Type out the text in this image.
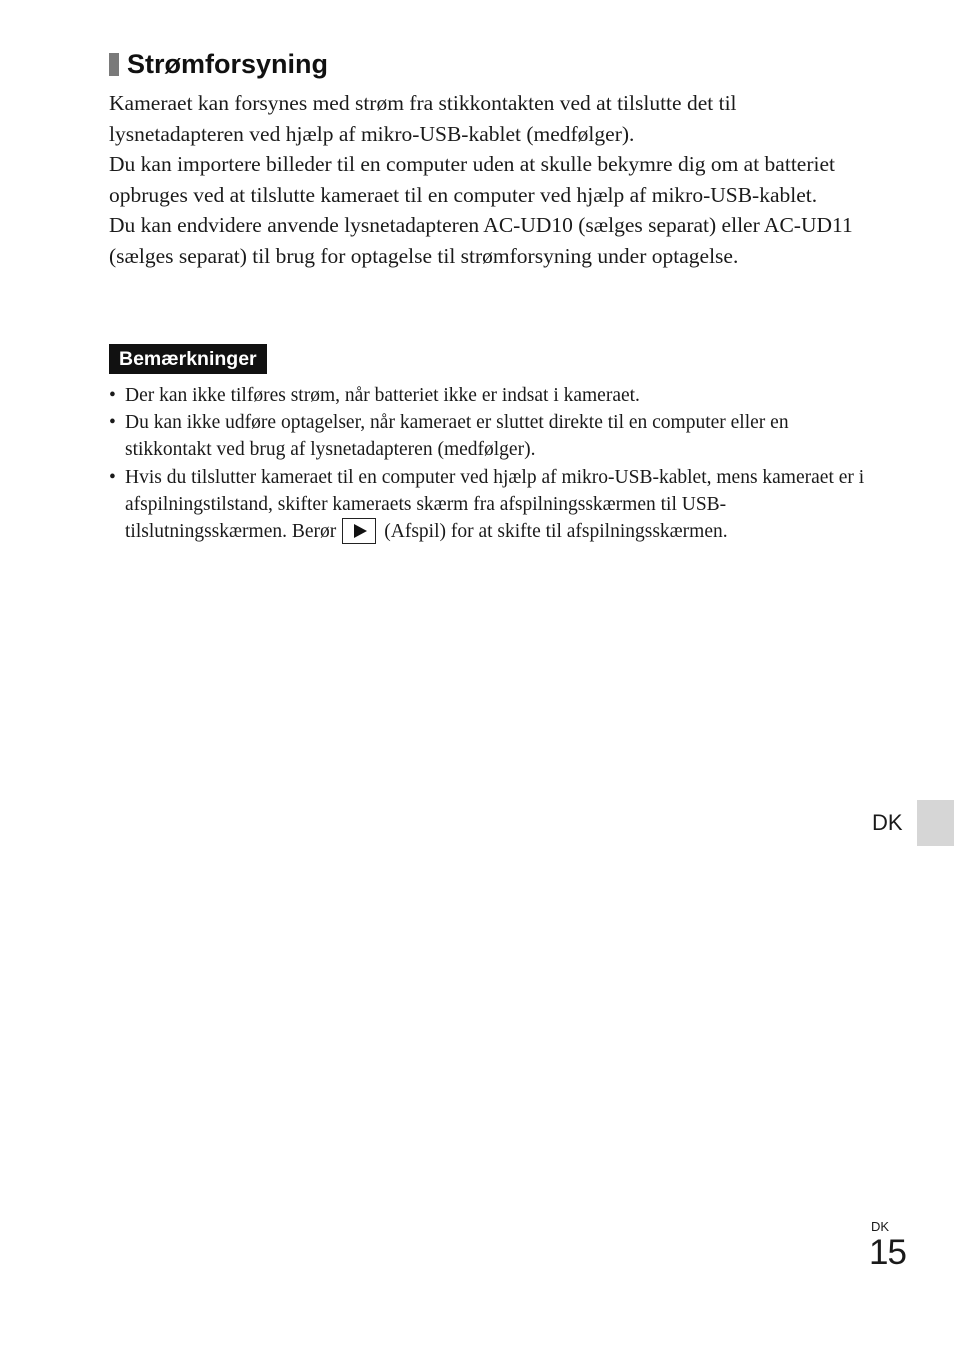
Strømforsyning

Kameraet kan forsynes med strøm fra stikkontakten ved at tilslutte det til lysnetadapteren ved hjælp af mikro-USB-kablet (medfølger).

Du kan importere billeder til en computer uden at skulle bekymre dig om at batteriet opbruges ved at tilslutte kameraet til en computer ved hjælp af mikro-USB-kablet.

Du kan endvidere anvende lysnetadapteren AC-UD10 (sælges separat) eller AC-UD11 (sælges separat) til brug for optagelse til strømforsyning under optagelse.

Bemærkninger
• Der kan ikke tilføres strøm, når batteriet ikke er indsat i kameraet.
• Du kan ikke udføre optagelser, når kameraet er sluttet direkte til en computer eller en stikkontakt ved brug af lysnetadapteren (medfølger).
• Hvis du tilslutter kameraet til en computer ved hjælp af mikro-USB-kablet, mens kameraet er i afspilningstilstand, skifter kameraets skærm fra afspilningsskærmen til USB-tilslutningsskærmen. Berør (Afspil) for at skifte til afspilningsskærmen.
DK
DK
15
